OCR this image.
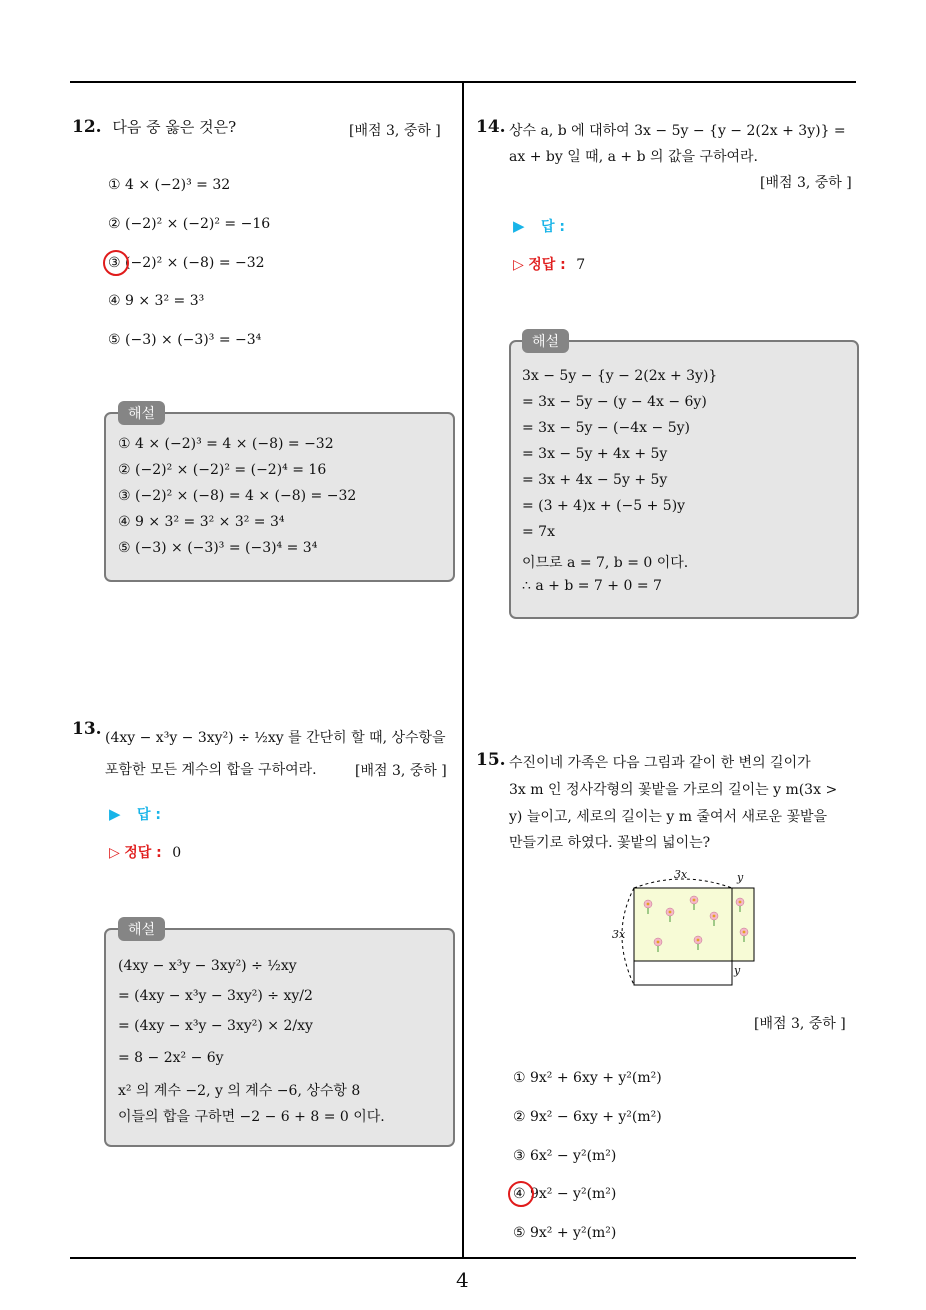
12. 다음 중 옳은 것은?	[배점 3, 중하 ]
① 4 × (−2)³ = 32
② (−2)² × (−2)² = −16
③ (−2)² × (−8) = −32
④ 9 × 3² = 3³
⑤ (−3) × (−3)³ = −3⁴
해설
① 4 × (−2)³ = 4 × (−8) = −32
② (−2)² × (−2)² = (−2)⁴ = 16
③ (−2)² × (−8) = 4 × (−8) = −32
④ 9 × 3² = 3² × 3² = 3⁴
⑤ (−3) × (−3)³ = (−3)⁴ = 3⁴
13. (4xy − x³y − 3xy²) ÷ ½xy 를 간단히 할 때, 상수항을
포함한 모든 계수의 합을 구하여라.	[배점 3, 중하 ]
▶ 답 :
▷ 정답 : 0
해설
(4xy − x³y − 3xy²) ÷ ½xy
= (4xy − x³y − 3xy²) ÷ xy/2
= (4xy − x³y − 3xy²) × 2/xy
= 8 − 2x² − 6y
x² 의 계수 −2, y 의 계수 −6, 상수항 8
이들의 합을 구하면 −2 − 6 + 8 = 0 이다.
14. 상수 a, b 에 대하여 3x − 5y − {y − 2(2x + 3y)} =
ax + by 일 때, a + b 의 값을 구하여라.
[배점 3, 중하 ]
▶ 답 :
▷ 정답 : 7
해설
3x − 5y − {y − 2(2x + 3y)}
= 3x − 5y − (y − 4x − 6y)
= 3x − 5y − (−4x − 5y)
= 3x − 5y + 4x + 5y
= 3x + 4x − 5y + 5y
= (3 + 4)x + (−5 + 5)y
= 7x
이므로 a = 7, b = 0 이다.
∴ a + b = 7 + 0 = 7
15. 수진이네 가족은 다음 그림과 같이 한 변의 길이가
3x m 인 정사각형의 꽃밭을 가로의 길이는 y m(3x >
y) 늘이고, 세로의 길이는 y m 줄여서 새로운 꽃밭을
만들기로 하였다. 꽃밭의 넓이는?
3x	y
3x
y
[배점 3, 중하 ]
① 9x² + 6xy + y²(m²)
② 9x² − 6xy + y²(m²)
③ 6x² − y²(m²)
④ 9x² − y²(m²)
⑤ 9x² + y²(m²)
4
